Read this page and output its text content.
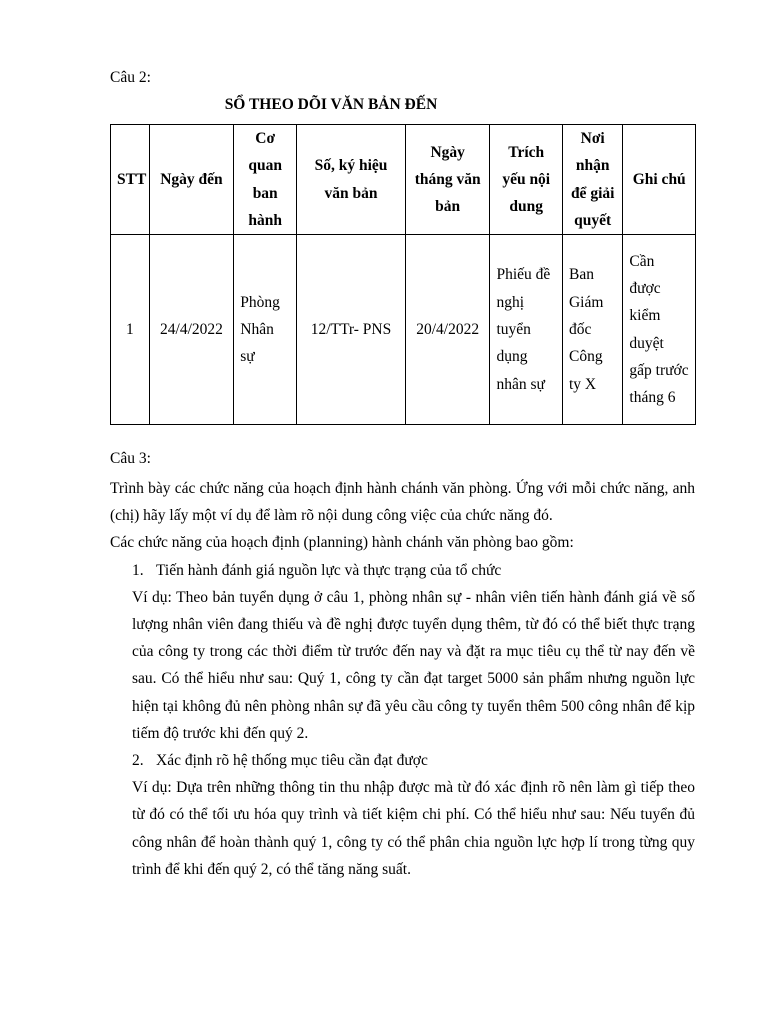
Câu 2:
SỔ THEO DÕI VĂN BẢN ĐẾN
STT	Ngày đến	Cơ quan ban hành	Số, ký hiệu văn bản	Ngày tháng văn bản	Trích yếu nội dung	Nơi nhận để giải quyết	Ghi chú
1	24/4/2022	Phòng Nhân sự	12/TTr- PNS	20/4/2022	Phiếu đề nghị tuyển dụng nhân sự	Ban Giám đốc Công ty X	Cần được kiểm duyệt gấp trước tháng 6
Câu 3:

Trình bày các chức năng của hoạch định hành chánh văn phòng. Ứng với mỗi chức năng, anh (chị) hãy lấy một ví dụ để làm rõ nội dung công việc của chức năng đó.

Các chức năng của hoạch định (planning) hành chánh văn phòng bao gồm:

1. Tiến hành đánh giá nguồn lực và thực trạng của tổ chức

Ví dụ: Theo bản tuyển dụng ở câu 1, phòng nhân sự - nhân viên tiến hành đánh giá về số lượng nhân viên đang thiếu và đề nghị được tuyển dụng thêm, từ đó có thể biết thực trạng của công ty trong các thời điểm từ trước đến nay và đặt ra mục tiêu cụ thể từ nay đến về sau. Có thể hiểu như sau: Quý 1, công ty cần đạt target 5000 sản phẩm nhưng nguồn lực hiện tại không đủ nên phòng nhân sự đã yêu cầu công ty tuyển thêm 500 công nhân để kịp tiếm độ trước khi đến quý 2.

2. Xác định rõ hệ thống mục tiêu cần đạt được

Ví dụ: Dựa trên những thông tin thu nhập được mà từ đó xác định rõ nên làm gì tiếp theo từ đó có thể tối ưu hóa quy trình và tiết kiệm chi phí. Có thể hiểu như sau: Nếu tuyển đủ công nhân để hoàn thành quý 1, công ty có thể phân chia nguồn lực hợp lí trong từng quy trình để khi đến quý 2, có thể tăng năng suất.
